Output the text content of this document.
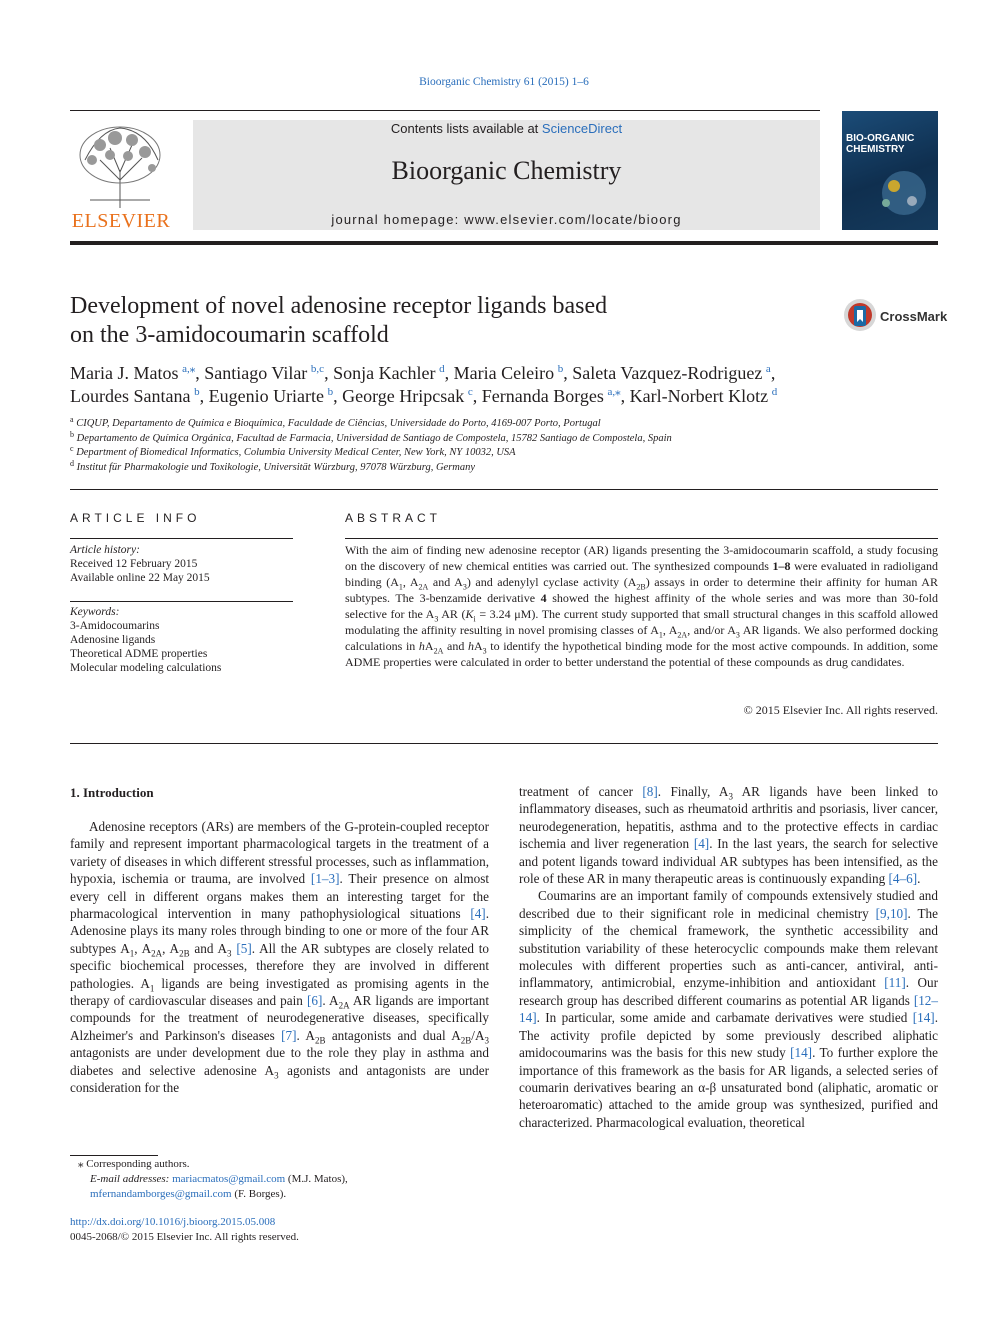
Bioorganic Chemistry 61 (2015) 1–6
ELSEVIER
Contents lists available at ScienceDirect
Bioorganic Chemistry
journal homepage: www.elsevier.com/locate/bioorg
BIO-ORGANIC CHEMISTRY
Development of novel adenosine receptor ligands based
on the 3-amidocoumarin scaffold
CrossMark
Maria J. Matos  $^{a,⁎}$, Santiago Vilar  $^{b,c}$, Sonja Kachler  $^d$, Maria Celeiro  $^b$, Saleta Vazquez-Rodriguez  $^a$,
Lourdes Santana  $^b$, Eugenio Uriarte  $^b$, George Hripcsak  $^c$, Fernanda Borges  $^{a,⁎}$, Karl-Norbert Klotz  $^d$
$^a$ CIQUP, Departamento de Química e Bioquímica, Faculdade de Ciências, Universidade do Porto, 4169-007 Porto, Portugal
$^b$ Departamento de Química Orgánica, Facultad de Farmacia, Universidad de Santiago de Compostela, 15782 Santiago de Compostela, Spain
$^c$ Department of Biomedical Informatics, Columbia University Medical Center, New York, NY 10032, USA
$^d$ Institut für Pharmakologie und Toxikologie, Universität Würzburg, 97078 Würzburg, Germany
ARTICLE INFO	ABSTRACT
Article history:
Received 12 February 2015
Available online 22 May 2015
Keywords:
3-Amidocoumarins
Adenosine ligands
Theoretical ADME properties
Molecular modeling calculations
With the aim of finding new adenosine receptor (AR) ligands presenting the 3-amidocoumarin scaffold, a study focusing on the discovery of new chemical entities was carried out. The synthesized compounds 1–8 were evaluated in radioligand binding ($A_1$, $A_{2A}$ and $A_3$) and adenylyl cyclase activity $(A_{2B})$ assays in order to determine their affinity for human AR subtypes. The 3-benzamide derivative 4 showed the highest affinity of the whole series and was more than 30-fold selective for the $A_3$ AR ($K_i = 3.24$ μM). The current study supported that small structural changes in this scaffold allowed modulating the affinity resulting in novel promising classes of $A_1$, $A_{2A}$, and/or $A_3$ AR ligands. We also performed docking calculations in $hA_{2A}$ and $hA_3$ to identify the hypothetical binding mode for the most active compounds. In addition, some ADME properties were calculated in order to better understand the potential of these compounds as drug candidates.
© 2015 Elsevier Inc. All rights reserved.
1. Introduction

Adenosine receptors (ARs) are members of the G-protein-coupled receptor family and represent important pharmacological targets in the treatment of a variety of diseases in which different stressful processes, such as inflammation, hypoxia, ischemia or trauma, are involved [1–3]. Their presence on almost every cell in different organs makes them an interesting target for the pharmacological intervention in many pathophysiological situations [4]. Adenosine plays its many roles through binding to one or more of the four AR subtypes $A_1$, $A_{2A}$, $A_{2B}$ and $A_3$ [5]. All the AR subtypes are closely related to specific biochemical processes, therefore they are involved in different pathologies. $A_1$ ligands are being investigated as promising agents in the therapy of cardiovascular diseases and pain [6]. $A_{2A}$ AR ligands are important compounds for the treatment of neurodegenerative diseases, specifically Alzheimer's and Parkinson's diseases [7]. $A_{2B}$ antagonists and dual $A_{2B}/A_3$ antagonists are under development due to the role they play in asthma and diabetes and selective adenosine $A_3$ agonists and antagonists are under consideration for the

treatment of cancer [8]. Finally, $A_3$ AR ligands have been linked to inflammatory diseases, such as rheumatoid arthritis and psoriasis, liver cancer, neurodegeneration, hepatitis, asthma and to the protective effects in cardiac ischemia and liver regeneration [4]. In the last years, the search for selective and potent ligands toward individual AR subtypes has been intensified, as the role of these AR in many therapeutic areas is continuously expanding [4–6].

Coumarins are an important family of compounds extensively studied and described due to their significant role in medicinal chemistry [9,10]. The simplicity of the chemical framework, the synthetic accessibility and substitution variability of these heterocyclic compounds make them relevant molecules with different properties such as anti-cancer, antiviral, anti-inflammatory, antimicrobial, enzyme-inhibition and antioxidant [11]. Our research group has described different coumarins as potential AR ligands [12–14]. In particular, some amide and carbamate derivatives were studied [14]. The activity profile depicted by some previously described aliphatic amidocoumarins was the basis for this new study [14]. To further explore the importance of this framework as the basis for AR ligands, a selected series of coumarin derivatives bearing an α-β unsaturated bond (aliphatic, aromatic or heteroaromatic) attached to the amide group was synthesized, purified and characterized. Pharmacological evaluation, theoretical

⁎ Corresponding authors.
E-mail addresses: mariacmatos@gmail.com (M.J. Matos), mfernandamborges@gmail.com (F. Borges).
http://dx.doi.org/10.1016/j.bioorg.2015.05.008
0045-2068/© 2015 Elsevier Inc. All rights reserved.
